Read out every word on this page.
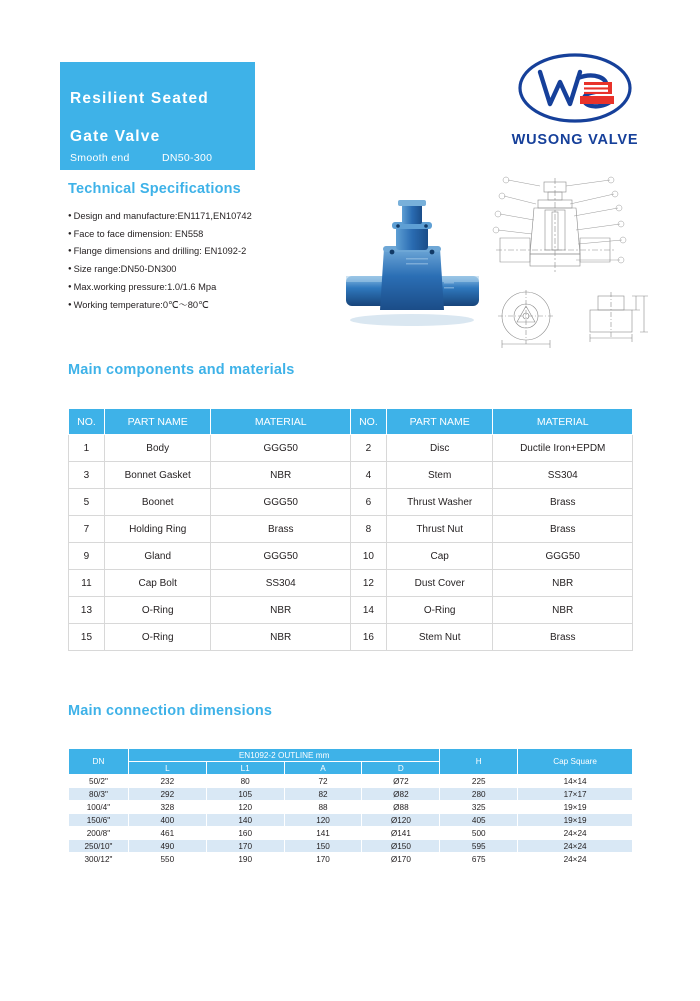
Resilient Seated

Gate Valve

Smooth end	DN50-300
WUSONG VALVE
Technical Specifications
● Design and manufacture:EN1171,EN10742
● Face to face dimension: EN558
● Flange dimensions and drilling: EN1092-2
● Size range:DN50-DN300
● Max.working pressure:1.0/1.6 Mpa
● Working temperature:0℃～80℃
Main components and materials
NO.	PART NAME	MATERIAL	NO.	PART NAME	MATERIAL
1	Body	GGG50	2	Disc	Ductile Iron+EPDM
3	Bonnet Gasket	NBR	4	Stem	SS304
5	Boonet	GGG50	6	Thrust Washer	Brass
7	Holding Ring	Brass	8	Thrust Nut	Brass
9	Gland	GGG50	10	Cap	GGG50
11	Cap Bolt	SS304	12	Dust Cover	NBR
13	O-Ring	NBR	14	O-Ring	NBR
15	O-Ring	NBR	16	Stem Nut	Brass
Main connection dimensions
DN	EN1092-2 OUTLINE mm				H	Cap Square
	L	L1	A	D		
50/2"	232	80	72	Ø72	225	14×14
80/3"	292	105	82	Ø82	280	17×17
100/4"	328	120	88	Ø88	325	19×19
150/6"	400	140	120	Ø120	405	19×19
200/8"	461	160	141	Ø141	500	24×24
250/10"	490	170	150	Ø150	595	24×24
300/12"	550	190	170	Ø170	675	24×24
